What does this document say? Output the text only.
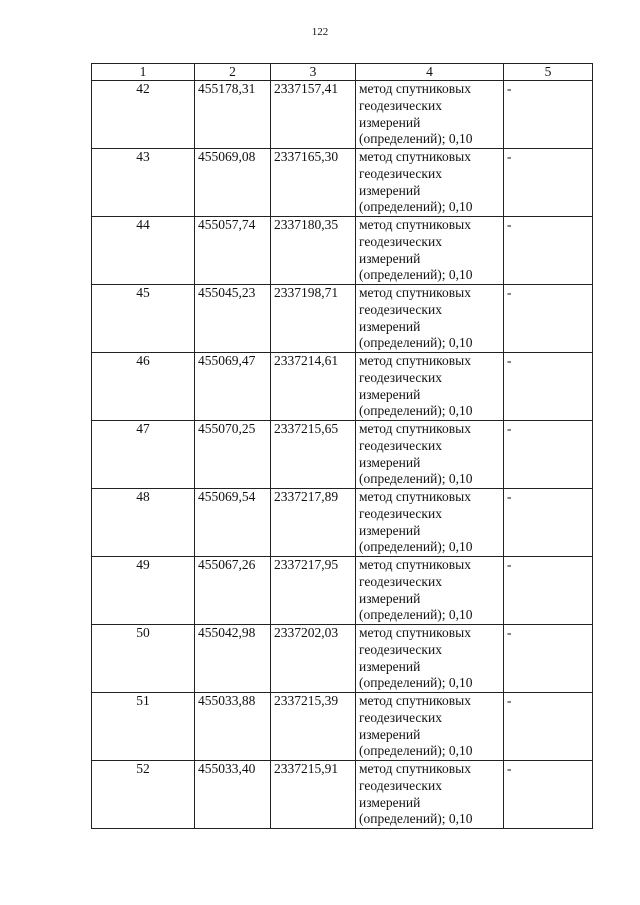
122
1	2	3	4	5
42	455178,31	2337157,41	метод спутниковых
геодезических
измерений
(определений); 0,10	-
43	455069,08	2337165,30	метод спутниковых
геодезических
измерений
(определений); 0,10	-
44	455057,74	2337180,35	метод спутниковых
геодезических
измерений
(определений); 0,10	-
45	455045,23	2337198,71	метод спутниковых
геодезических
измерений
(определений); 0,10	-
46	455069,47	2337214,61	метод спутниковых
геодезических
измерений
(определений); 0,10	-
47	455070,25	2337215,65	метод спутниковых
геодезических
измерений
(определений); 0,10	-
48	455069,54	2337217,89	метод спутниковых
геодезических
измерений
(определений); 0,10	-
49	455067,26	2337217,95	метод спутниковых
геодезических
измерений
(определений); 0,10	-
50	455042,98	2337202,03	метод спутниковых
геодезических
измерений
(определений); 0,10	-
51	455033,88	2337215,39	метод спутниковых
геодезических
измерений
(определений); 0,10	-
52	455033,40	2337215,91	метод спутниковых
геодезических
измерений
(определений); 0,10	-
